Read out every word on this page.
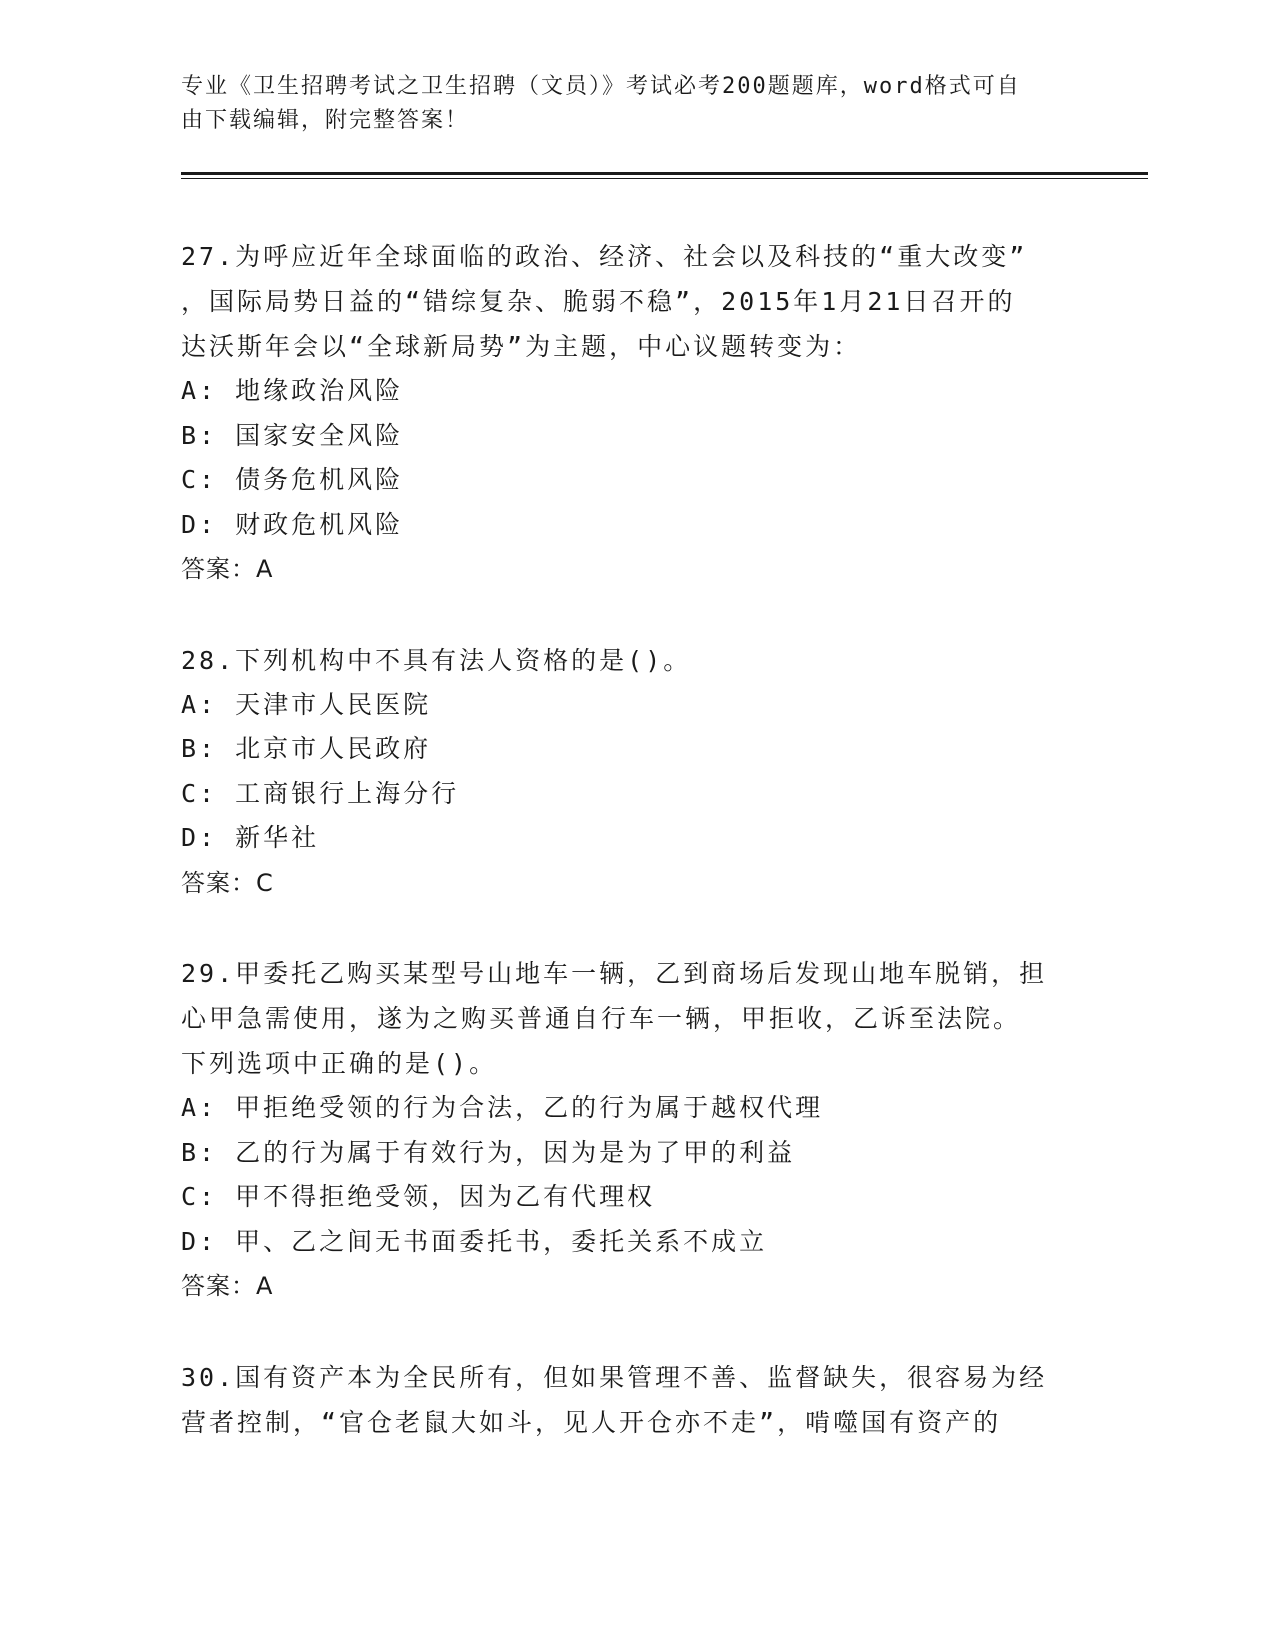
专业《卫生招聘考试之卫生招聘（文员）》考试必考200题题库，word格式可自
由下载编辑，附完整答案！
27.为呼应近年全球面临的政治、经济、社会以及科技的“重大改变”
，国际局势日益的“错综复杂、脆弱不稳”，2015年1月21日召开的
达沃斯年会以“全球新局势”为主题，中心议题转变为：
A: 地缘政治风险
B: 国家安全风险
C: 债务危机风险
D: 财政危机风险
答案：A
28.下列机构中不具有法人资格的是()。
A: 天津市人民医院
B: 北京市人民政府
C: 工商银行上海分行
D: 新华社
答案：C
29.甲委托乙购买某型号山地车一辆，乙到商场后发现山地车脱销，担
心甲急需使用，遂为之购买普通自行车一辆，甲拒收，乙诉至法院。
下列选项中正确的是()。
A: 甲拒绝受领的行为合法，乙的行为属于越权代理
B: 乙的行为属于有效行为，因为是为了甲的利益
C: 甲不得拒绝受领，因为乙有代理权
D: 甲、乙之间无书面委托书，委托关系不成立
答案：A
30.国有资产本为全民所有，但如果管理不善、监督缺失，很容易为经
营者控制，“官仓老鼠大如斗，见人开仓亦不走”，啃噬国有资产的
